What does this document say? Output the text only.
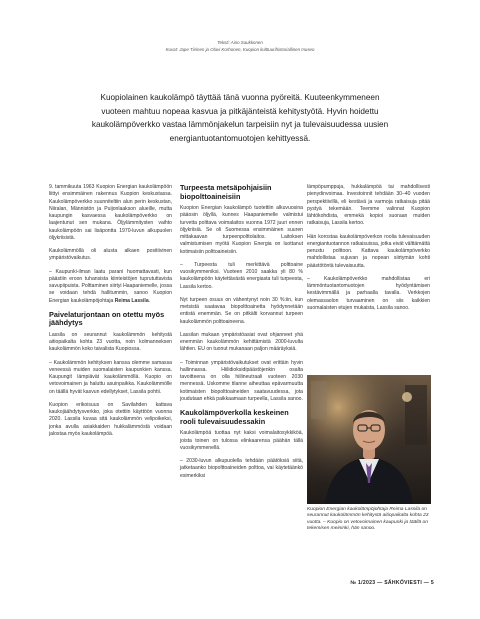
Teksti: Aino Saukkonen
Kuvat: Jape Tiirinen ja Olavi Korhonen, Kuopion kulttuurihistoriallinen museo
Kuopiolainen kaukolämpö täyttää tänä vuonna pyöreitä. Kuuteenkymmeneen vuoteen mahtuu nopeaa kasvua ja pitkäjänteistä kehitystyötä. Hyvin hoidettu kaukolämpöverkko vastaa lämmönjakelun tarpeisiin nyt ja tulevaisuudessa uusien energiantuotantomuotojen kehittyessä.

9. tammikuuta 1963 Kuopion Energian kaukolämpöön liittyi ensimmäinen rakennus Kuopion keskustassa. Kaukolämpöverkko suunniteltiin alun perin keskustan, Niiralan, Männistön ja Puijonlaakson alueille, mutta kaupungin kasvaessa kaukolämpöverkko on laajentunut sen mukana. Öljylämmitysten vaihto kaukolämpöön sai lisäpontta 1970-luvun alkupuolen öljykriisistä.

Kaukolämmöllä oli alusta alkaen positiivinen ympäristövaikutus.

– Kaupunki-ilman laatu parani huomattavasti, kun päästiin eroon tuhansista kiinteistöjen tuprututtavista savupiipuista. Polttaminen siirtyi Haapaniemelle, jossa se voidaan tehdä hallitummin, sanoo Kuopion Energian kaukolämpöjohtaja Reima Lassila.

Paivelaturjontaan on otettu myös jäähdytys

Lassila on seurannut kaukolämmön kehitystä aitiopaikalta kohta 23 vuotta, noin kolmanneksen kaukolämmön koko taivalista Kuopiossa.

– Kaukolämmön kehityksen kanssa olemme samassa veneessä muiden suomalaisten kaupunkien kanssa. Kaupungit lämpiävät kaukolämmöllä. Kuopio on vetovoimainen ja haluttu asuinpaikka. Kaukolämmölle on täällä hyvät kasvun edellytykset, Lassila pohtii.

Kuopion erikoisuus on Savilahden kattava kaukojäähdytysverkko, joka otettiin käyttöön vuonna 2020. Lassila kuvaa sitä kaukolämmön velipoikeksi, jonka avulla asiakkaiden hukkalämmöstä voidaan jalostaa myös kaukolämpöä.

Turpeesta metsäpohjaisiin biopolttoaineisiin

Kuopion Energian kaukolämpö tuotettiin alkuvuosina pääosin öljyllä, kunnes Haapaniemelle valmistui turvetta polttava voimalaitos vuonna 1972 juuri ennen öljykriisiä. Se oli Suomessa ensimmäinen suuren mittakaavan turpeenpolttolaitos. Laitoksen valmistumisen myötä Kuopion Energia on luottanut kotimaisiin polttoaineisiin.

– Turpeesta tuli merkittävä polttoaine vuosikymmeniksi. Vuoteen 2010 saakka yli 80 % kaukolämpöön käytettävästä energiasta tuli turpeesta, Lassila kertoo.

Nyt turpeen osuus on vähentynyt noin 30 %:iin, kun metsistä saatavaa biopolttoainetta hyödynnetään entistä enemmän. Se on pitkälti korvannut turpeen kaukolämmön polttoaineena.

Lassilan mukaan ympäristöasiat ovat ohjanneet yhä enemmän kaukolämmön kehittämistä 2000-luvulta lähtien. EU on tuonut mukanaan paljon määräyksiä.

– Toiminnan ympäristövaikutukset ovat erittäin hyvin hallinnassa. Hiilidioksidipäästöjenkin osalta tavoitteena on olla hiilineutraali vuoteen 2030 mennessä. Uskomme tilanne aiheuttaa epävarmuutta kotimaisten biopolttoaineiden saatavuudessa, jota joudutaan ehkä paikkaamaan turpeella, Lassila sanoo.

Kaukolämpöverkolla keskeinen rooli tulevaisuudessakin

Kaukolämpöä tuottaa nyt kaksi voimalaitosykkiköä, joista toinen on tulossa elinkaarensa päähän tällä vuosikymmenellä.

– 2030-luvun alkupuolella tehdään päätöksiä siitä, jatketaanko biopolttoaineiden polttoa, vai käytetäänkö esimerkiksi

lämpöpumppuja, hukkalämpöä tai mahdollisesti pienydinvoimaa. Investoinnit tehdään 30–40 vuoden perspektiivillä, eli kestävä ja varmoja ratkaisuja pitää pystyä tekemään. Teemme valinnat Kuopion lähtökohdista, emmekä kopioi suoraan muiden ratkaisuja, Lassila kertoo.

Hän korostaa kaukolämpöverkon roolia tulevaisuuden energiantuotannon ratkaisuissa, jotka eivät välttämättä perustu polttoon. Kattava kaukolämpöverkko mahdollistaa sujuvan ja nopean siirtymän kohti päästötöntä tulevaisuutta.

– Kaukolämpöverkko mahdollistaa eri lämmöntuotantomuotojen hyödyntämisen kestävimmällä ja parhaalla tavalla. Verkkojen olemassaolon turvaaminen on siis kaikkien suomalaisten etujen mukaista, Lassila sanoo.

Kuopion Energian kaukolämpöjohtaja Reima Lassila on seurannut kaukolämmön kehitystä aitiopaikalta kohta 23 vuotta. – Kuopio on vetovoimainen kaupunki ja täällä on tekemisen meininki, hän sanoo.
№ 1/2023 — SÄHKÖVIESTI — 5
